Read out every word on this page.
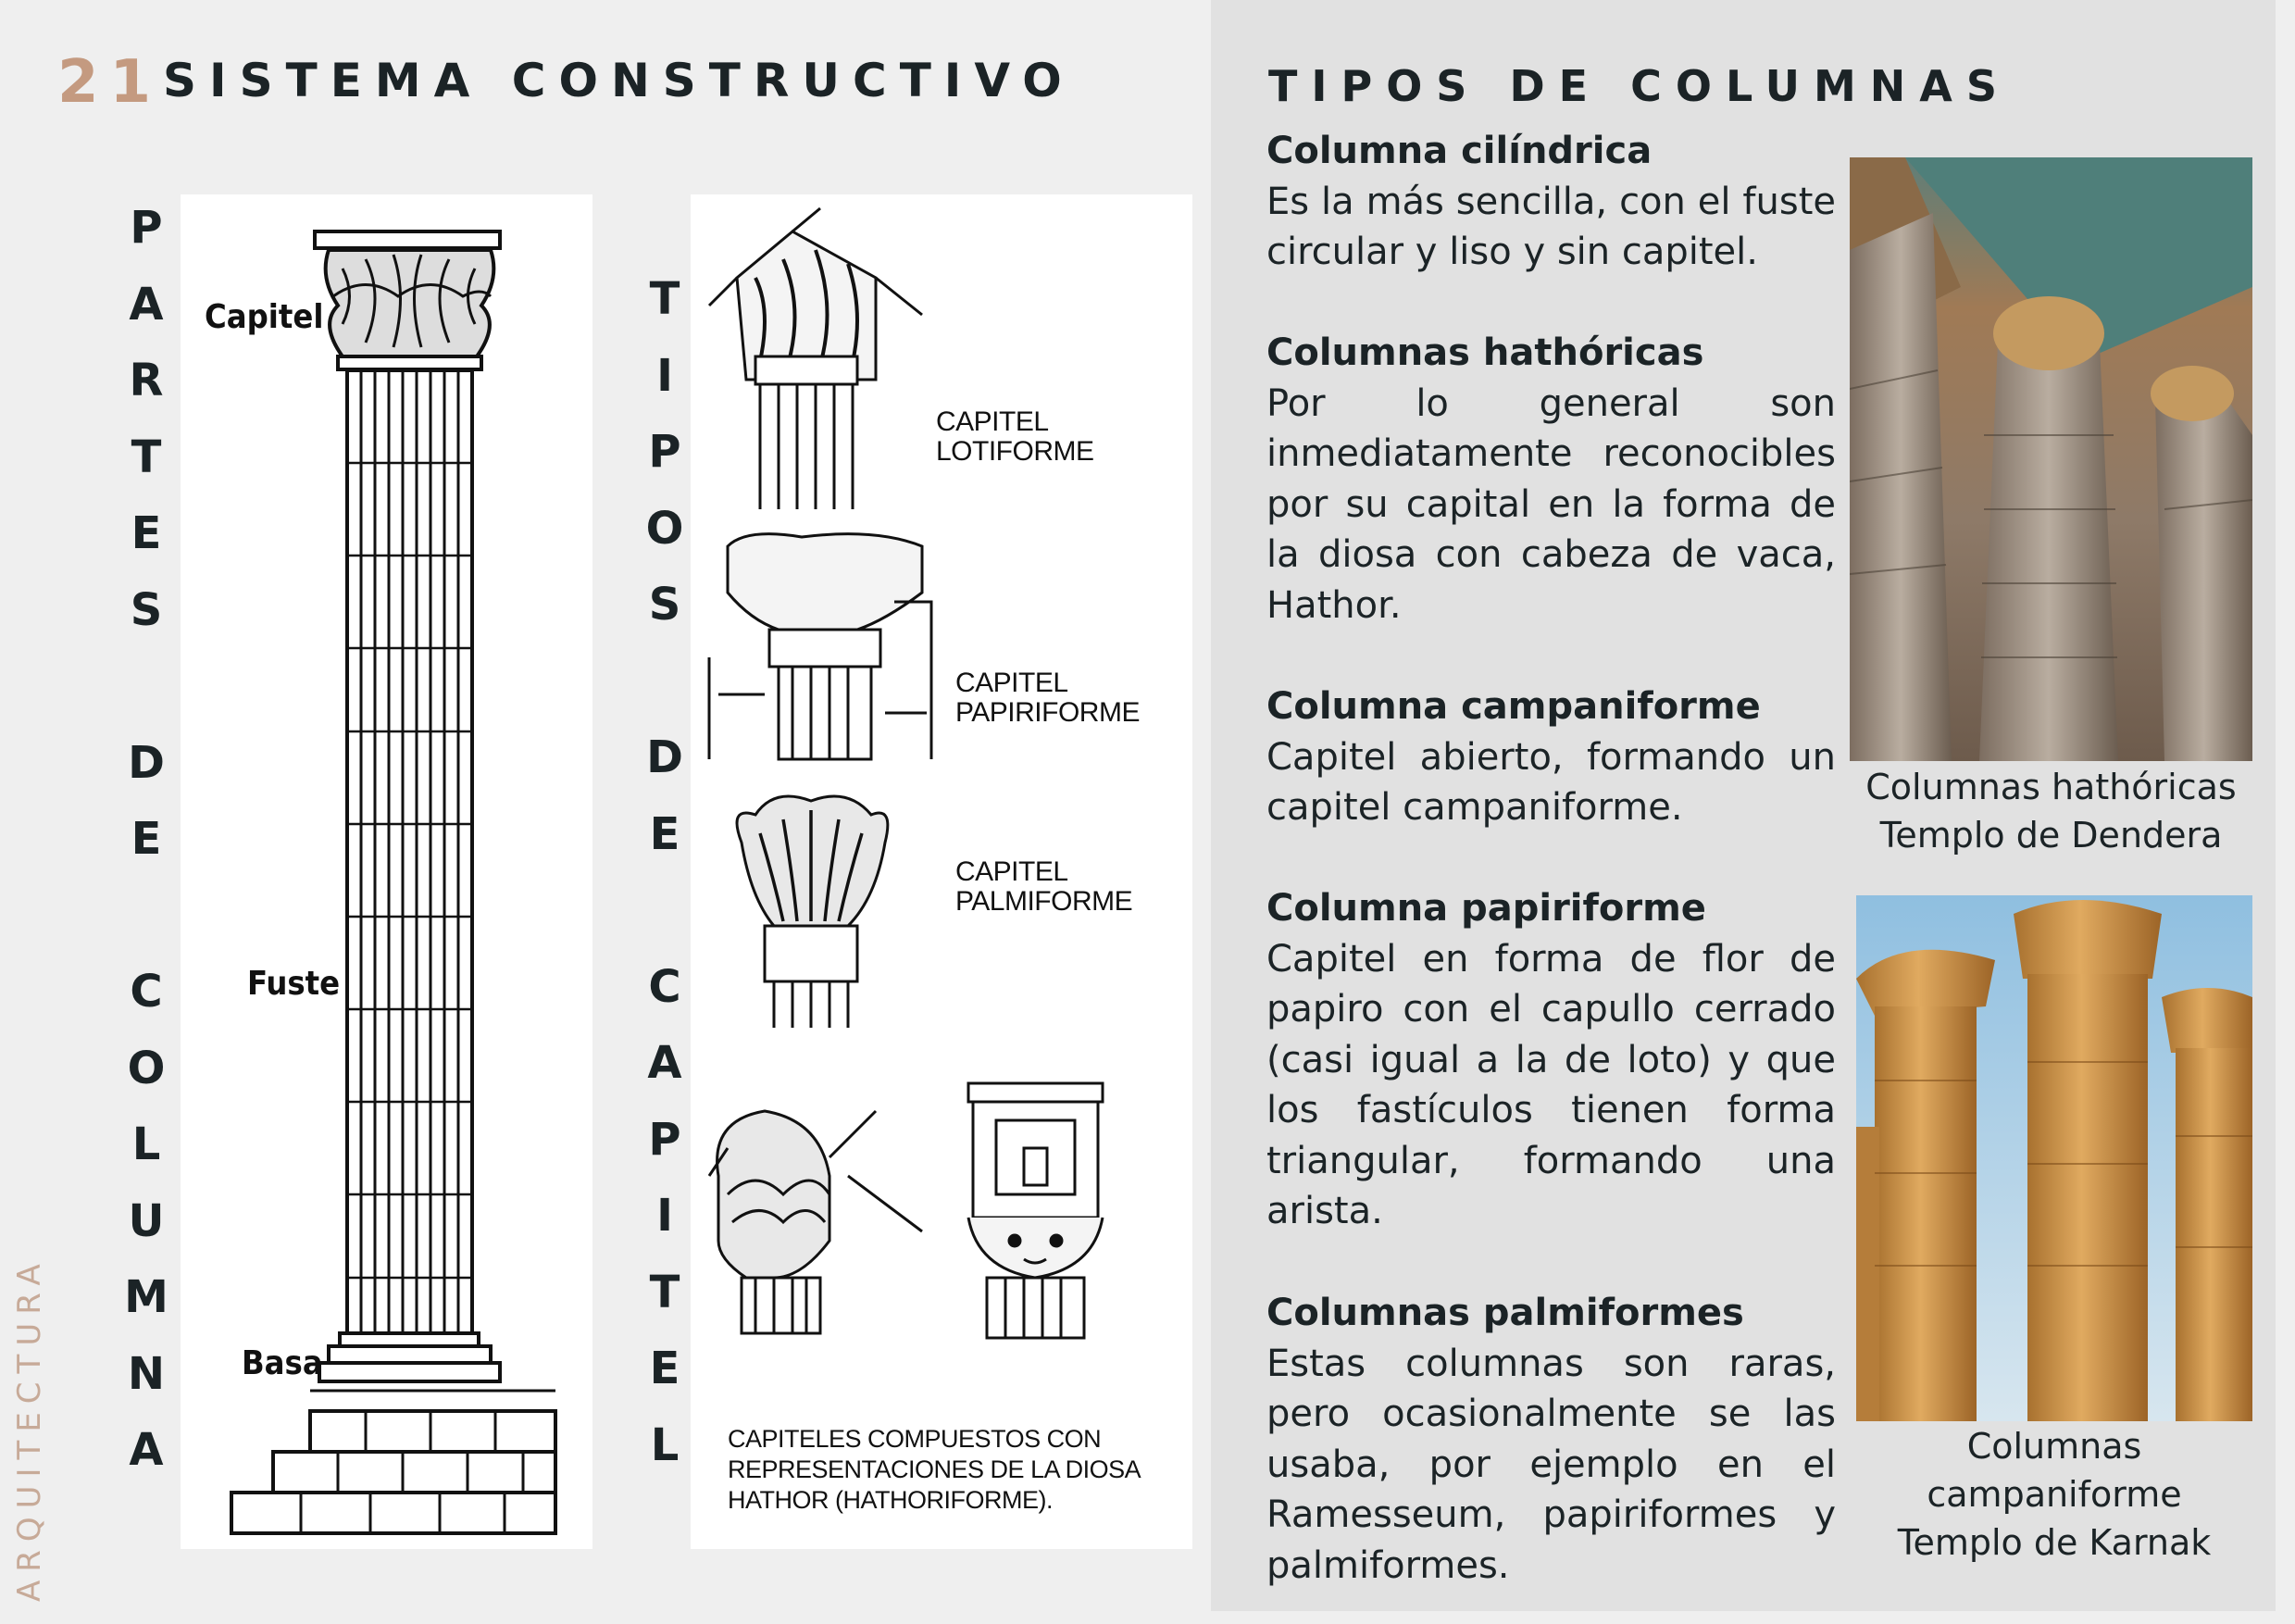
21 SISTEMA CONSTRUCTIVO	TIPOS DE COLUMNAS
ARQUITECTURA
P
A
R
T
E
S

D
E

C
O
L
U
M
N
A
T
I
P
O
S

D
E

C
A
P
I
T
E
L
Capitel
Fuste
Basa
CAPITEL
LOTIFORME
CAPITEL
PAPIRIFORME
CAPITEL
PALMIFORME
CAPITELES COMPUESTOS CON
REPRESENTACIONES DE LA DIOSA
HATHOR (HATHORIFORME).
Columna cilíndrica
Es la más sencilla, con el fuste circular y liso y sin capitel.
Columnas hathóricas
Por lo general son inmediatamente reconocibles por su capital en la forma de la diosa con cabeza de vaca, Hathor.
Columna campaniforme
Capitel abierto, formando un capitel campaniforme.
Columna papiriforme
Capitel en forma de flor de papiro con el capullo cerrado (casi igual a la de loto) y que los fastículos tienen forma triangular, formando una arista.
Columnas palmiformes
Estas columnas son raras, pero ocasionalmente se las usaba, por ejemplo en el Ramesseum, papiriformes y palmiformes.
Columnas hathóricas
Templo de Dendera
Columnas
campaniforme
Templo de Karnak
